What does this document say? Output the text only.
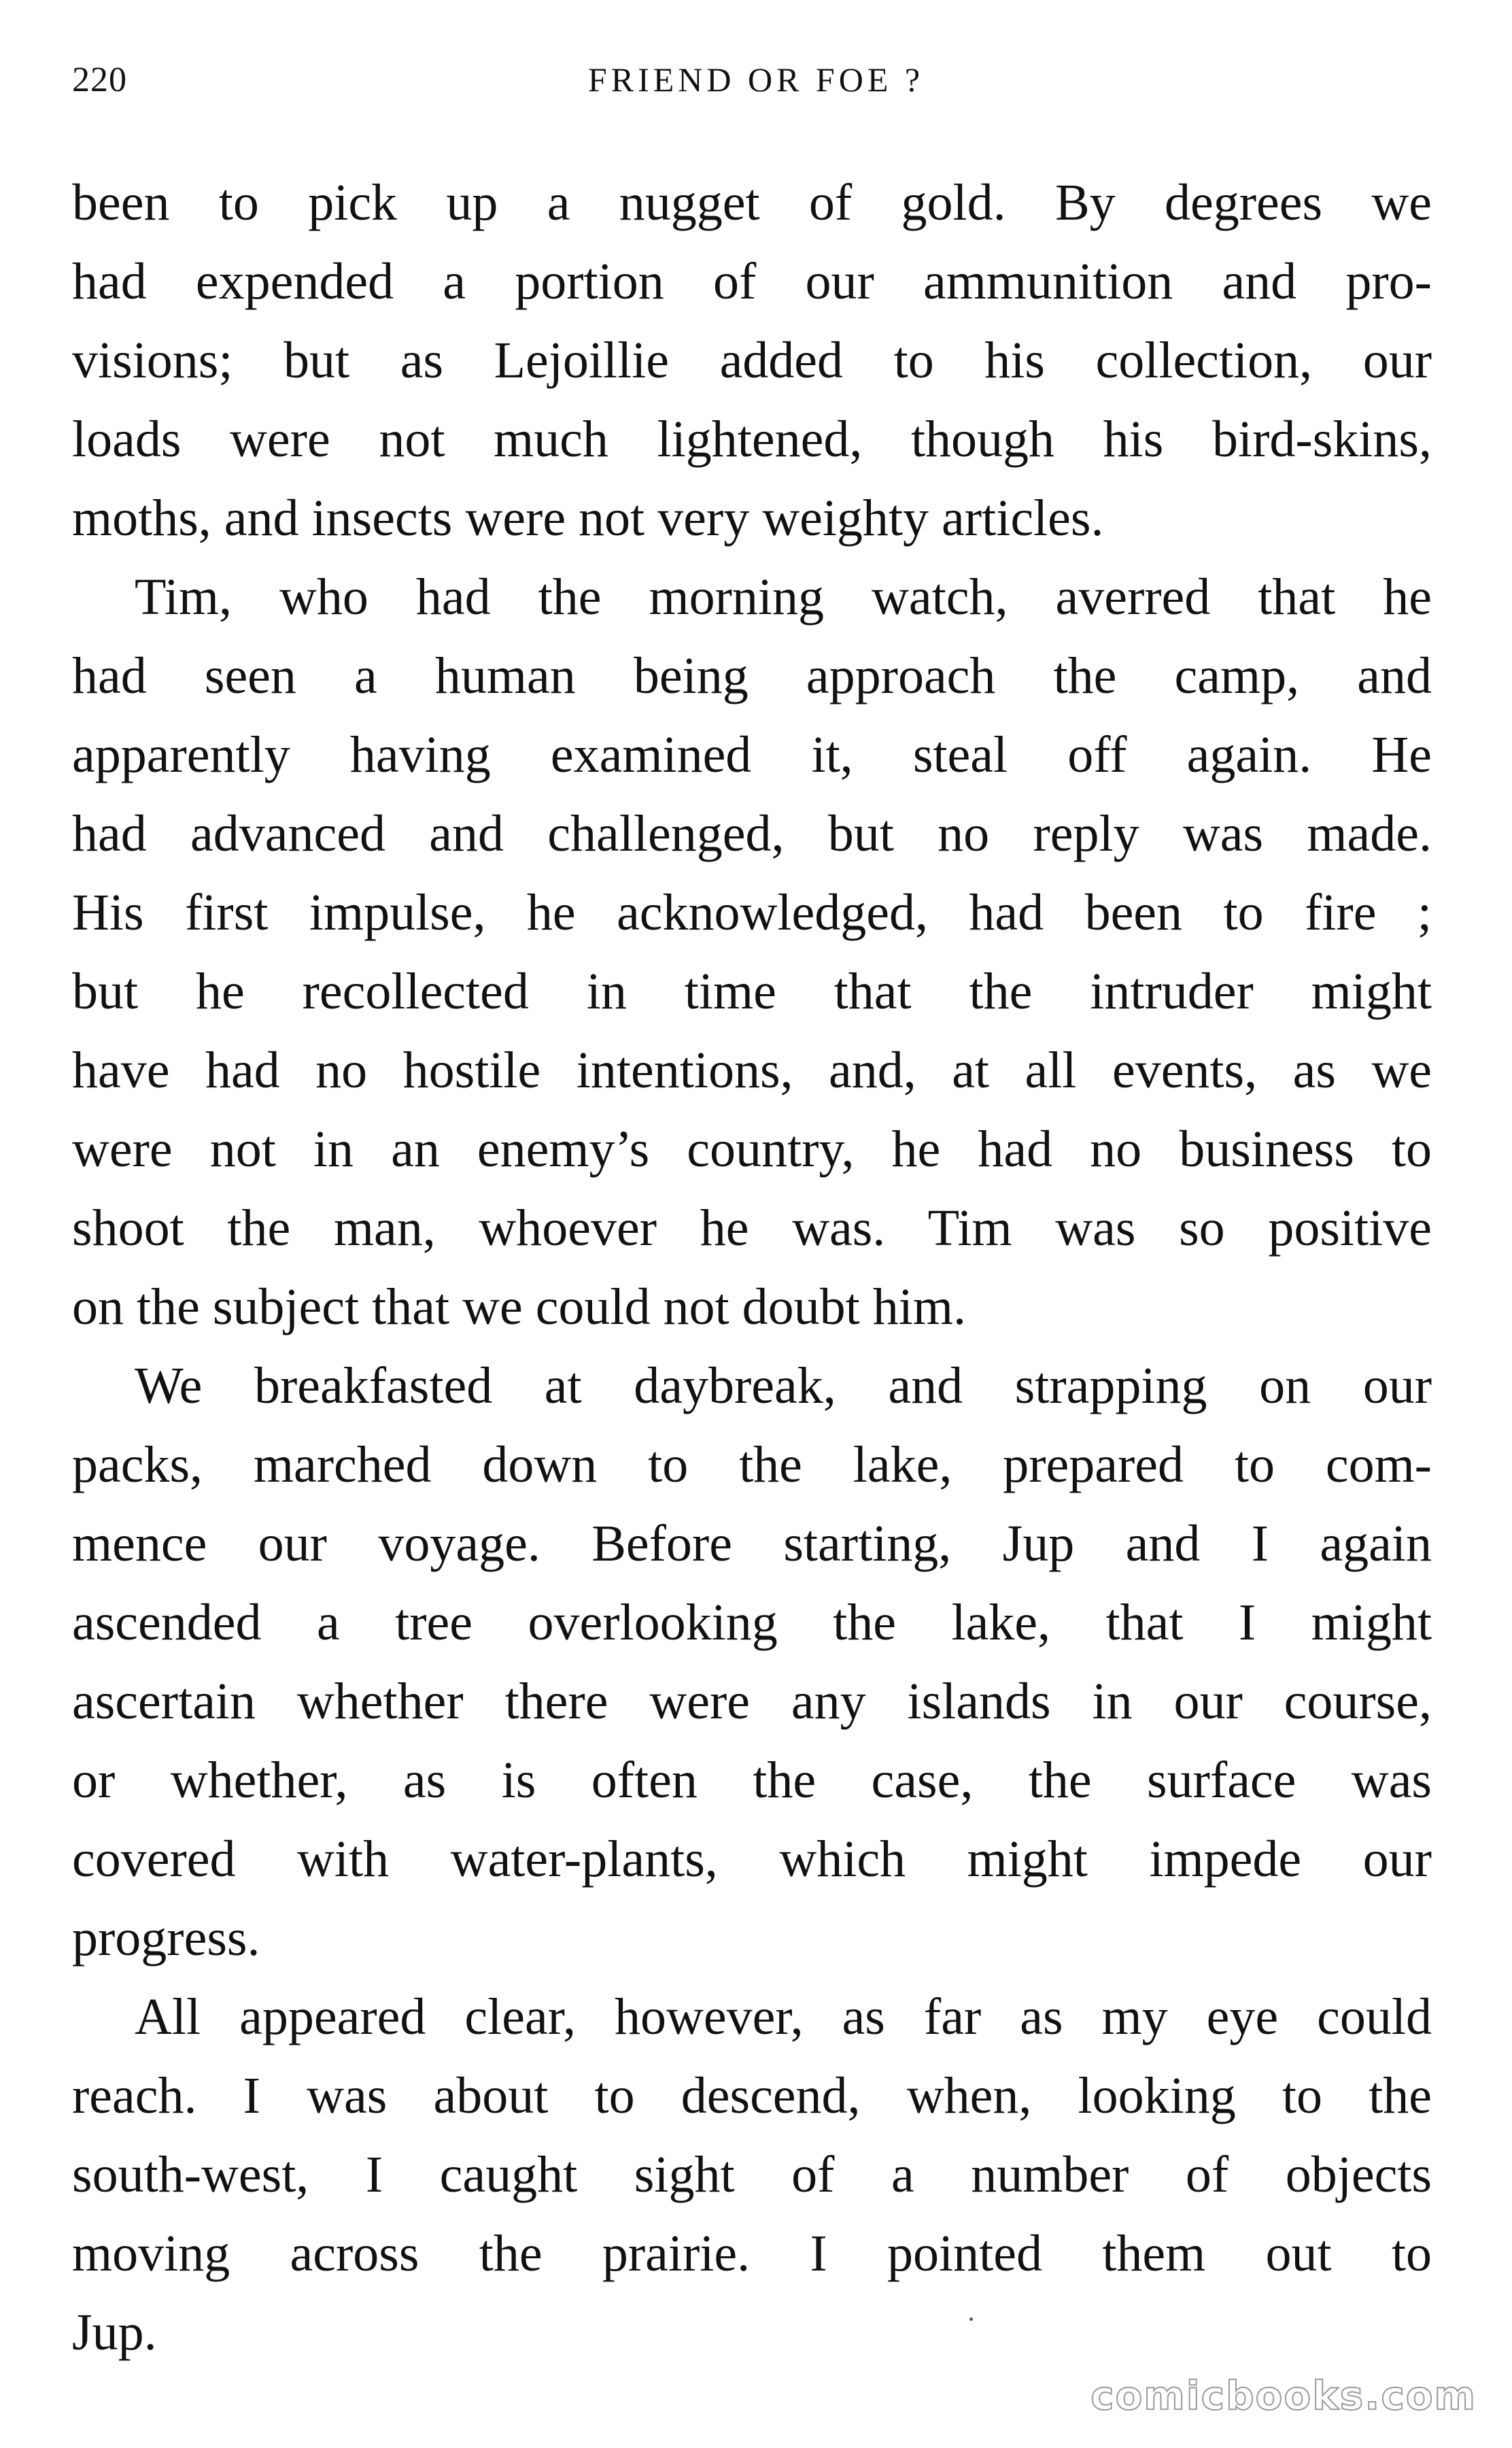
220	FRIEND OR FOE ?
been to pick up a nugget of gold. By degrees we
had expended a portion of our ammunition and pro-
visions; but as Lejoillie added to his collection, our
loads were not much lightened, though his bird-skins,
moths, and insects were not very weighty articles.
Tim, who had the morning watch, averred that he
had seen a human being approach the camp, and
apparently having examined it, steal off again. He
had advanced and challenged, but no reply was made.
His first impulse, he acknowledged, had been to fire ;
but he recollected in time that the intruder might
have had no hostile intentions, and, at all events, as we
were not in an enemy’s country, he had no business to
shoot the man, whoever he was. Tim was so positive
on the subject that we could not doubt him.
We breakfasted at daybreak, and strapping on our
packs, marched down to the lake, prepared to com-
mence our voyage. Before starting, Jup and I again
ascended a tree overlooking the lake, that I might
ascertain whether there were any islands in our course,
or whether, as is often the case, the surface was
covered with water-plants, which might impede our
progress.
All appeared clear, however, as far as my eye could
reach. I was about to descend, when, looking to the
south-west, I caught sight of a number of objects
moving across the prairie. I pointed them out to
Jup.
comicbooks.com
